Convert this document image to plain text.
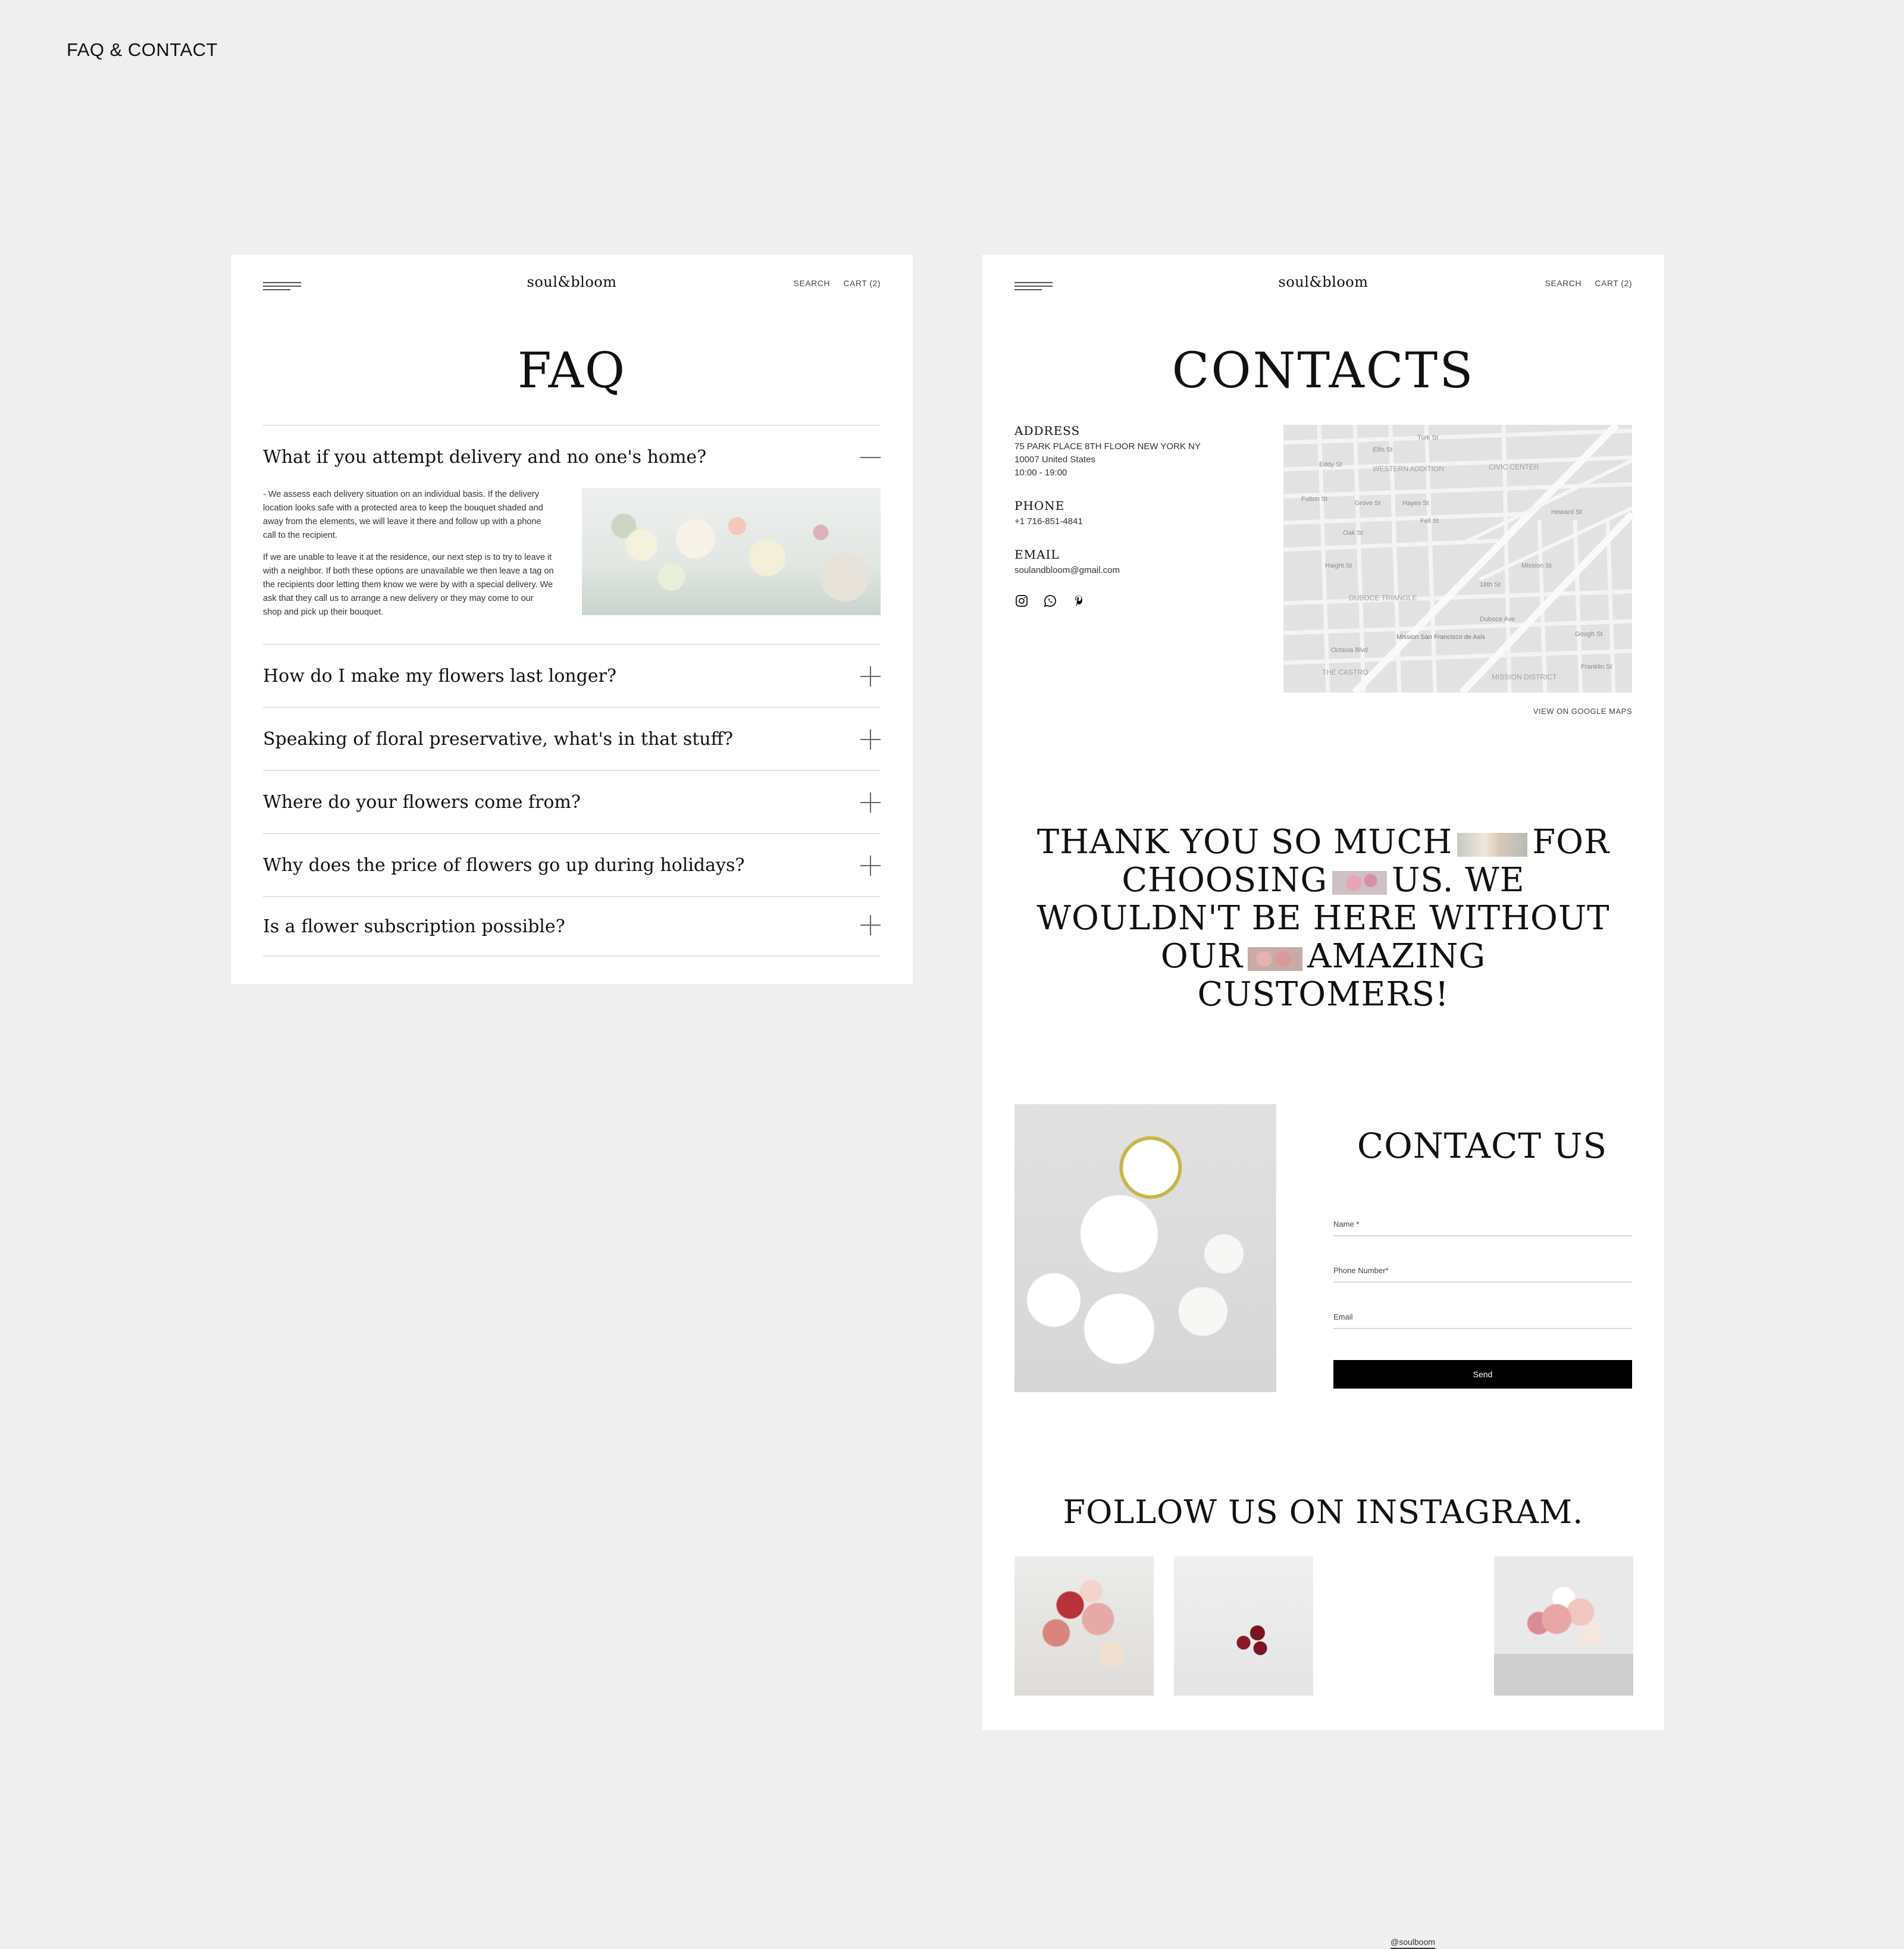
FAQ & CONTACT
soul&bloom	SEARCH CART (2)
FAQ
What if you attempt delivery and no one's home?

- We assess each delivery situation on an individual basis. If the delivery location looks safe with a protected area to keep the bouquet shaded and away from the elements, we will leave it there and follow up with a phone call to the recipient.

If we are unable to leave it at the residence, our next step is to try to leave it with a neighbor. If both these options are unavailable we then leave a tag on the recipients door letting them know we were by with a special delivery. We ask that they call us to arrange a new delivery or they may come to our shop and pick up their bouquet.

How do I make my flowers last longer?
Speaking of floral preservative, what's in that stuff?
Where do your flowers come from?
Why does the price of flowers go up during holidays?
Is a flower subscription possible?
soul&bloom	SEARCH CART (2)
CONTACTS
ADDRESS
75 PARK PLACE 8TH FLOOR NEW YORK NY
10007 United States
10:00 - 19:00
PHONE
+1 716-851-4841
EMAIL
soulandbloom@gmail.com
Turk St
Ellis St
Eddy St
Fulton St
Grove St	Hayes St
Fell St
Oak St
Haight St	Mission St
Howard St
18th St
Duboce Ave
Octavia Blvd
Gough St
Franklin St
WESTERN ADDITION	CIVIC CENTER
DUBOCE TRIANGLE
THE CASTRO
MISSION DISTRICT
Mission San Francisco de Asis
VIEW ON GOOGLE MAPS
THANK YOU SO MUCH FOR
CHOOSING US. WE
WOULDN'T BE HERE WITHOUT
OUR AMAZING CUSTOMERS!
CONTACT US
Name *
Phone Number*
Email
Send
FOLLOW US ON INSTAGRAM.
@soulboom
